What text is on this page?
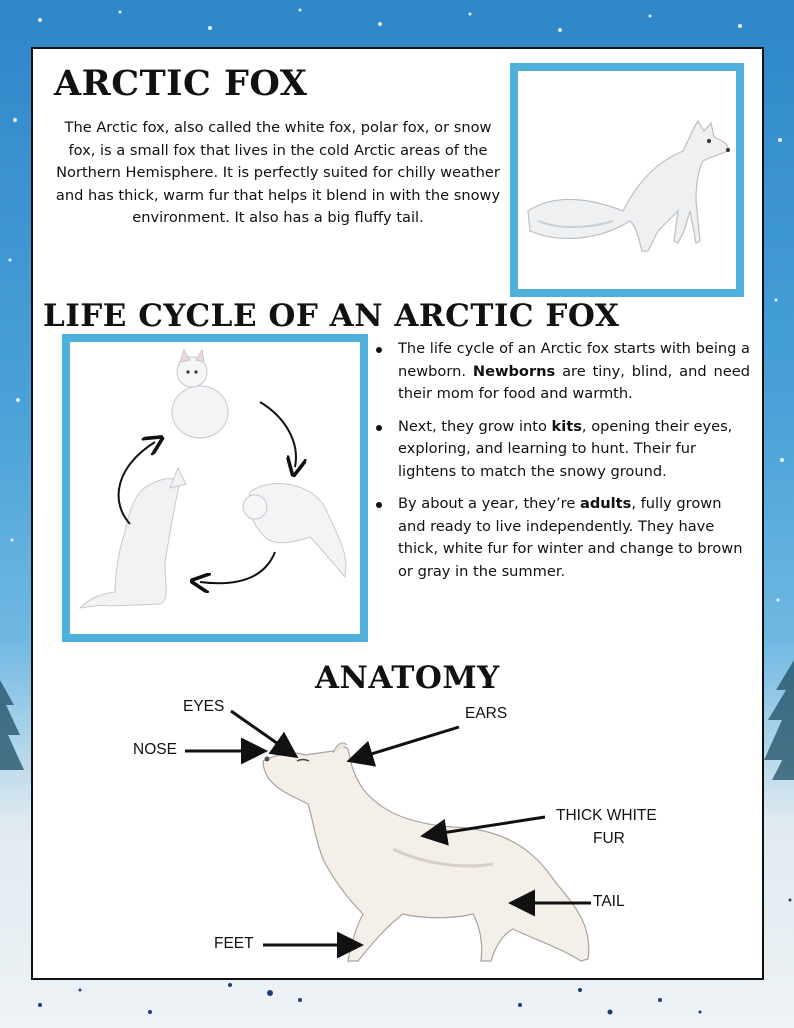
ARCTIC FOX
The Arctic fox, also called the white fox, polar fox, or snow fox, is a small fox that lives in the cold Arctic areas of the Northern Hemisphere. It is perfectly suited for chilly weather and has thick, warm fur that helps it blend in with the snowy environment. It also has a big fluffy tail.
LIFE CYCLE OF AN ARCTIC FOX
The life cycle of an Arctic fox starts with being a newborn. Newborns are tiny, blind, and need their mom for food and warmth.
Next, they grow into kits, opening their eyes, exploring, and learning to hunt. Their fur lightens to match the snowy ground.
By about a year, they’re adults, fully grown and ready to live independently. They have thick, white fur for winter and change to brown or gray in the summer.
ANATOMY
EYES
NOSE
EARS
THICK WHITE
FUR
TAIL
FEET
